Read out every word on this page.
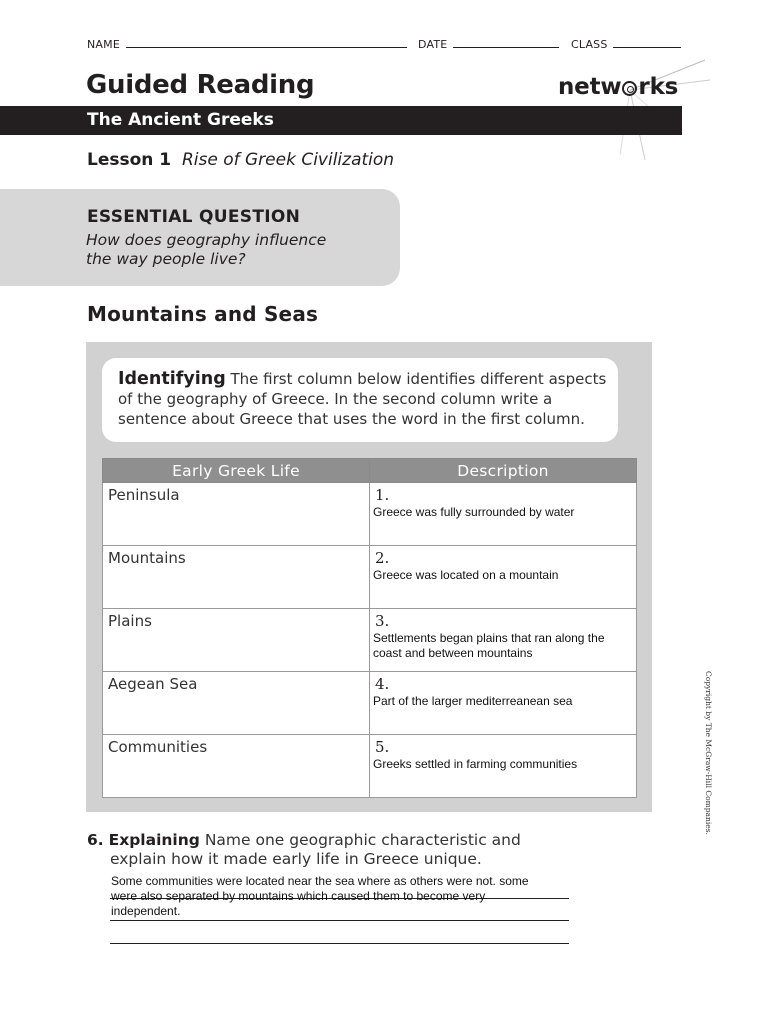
NAME	DATE	CLASS
Guided Reading	netw rks
The Ancient Greeks
Lesson 1 Rise of Greek Civilization
ESSENTIAL QUESTION
How does geography influence
the way people live?
Mountains and Seas
Identifying The first column below identifies different aspects of the geography of Greece. In the second column write a sentence about Greece that uses the word in the first column.
Early Greek Life	Description

Peninsula	1.
Greece was fully surrounded by water

Mountains	2.
Greece was located on a mountain

Plains	3.
Settlements began plains that ran along the coast and between mountains

Aegean Sea	4.
Part of the larger mediterreanean sea

Communities	5.
Greeks settled in farming communities
6. Explaining Name one geographic characteristic and
explain how it made early life in Greece unique.
Some communities were located near the sea where as others were not. some were also separated by mountains which caused them to become very independent.
Copyright by The McGraw-Hill Companies.
